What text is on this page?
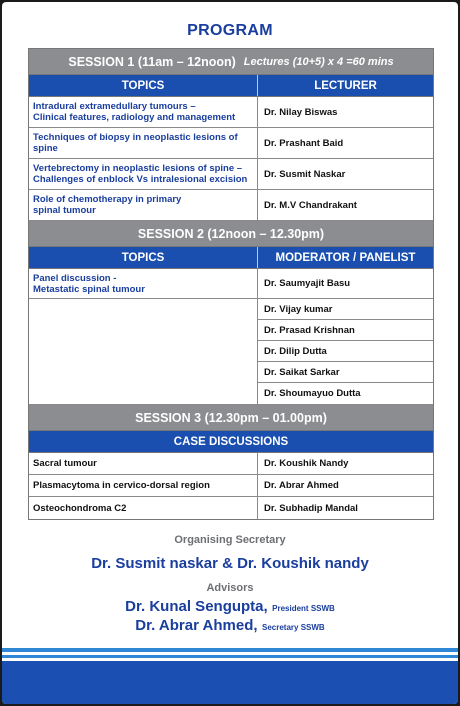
PROGRAM
SESSION 1 (11am – 12noon) Lectures (10+5) x 4 =60 mins
TOPICS	LECTURER
Intradural extramedullary tumours –
Clinical features, radiology and management	Dr. Nilay Biswas
Techniques of biopsy in neoplastic lesions of
spine	Dr. Prashant Baid
Vertebrectomy in neoplastic lesions of spine –
Challenges of enblock Vs intralesional excision	Dr. Susmit Naskar
Role of chemotherapy in primary
spinal tumour	Dr. M.V Chandrakant
SESSION 2 (12noon – 12.30pm)
TOPICS	MODERATOR / PANELIST
Panel discussion -
Metastatic spinal tumour	Dr. Saumyajit Basu
Dr. Vijay kumar
Dr. Prasad Krishnan
Dr. Dilip Dutta
Dr. Saikat Sarkar
Dr. Shoumayuo Dutta
SESSION 3 (12.30pm – 01.00pm)
CASE DISCUSSIONS
Sacral tumour	Dr. Koushik Nandy
Plasmacytoma in cervico-dorsal region	Dr. Abrar Ahmed
Osteochondroma C2	Dr. Subhadip Mandal
Organising Secretary
Dr. Susmit naskar & Dr. Koushik nandy
Advisors
Dr. Kunal Sengupta, President SSWB
Dr. Abrar Ahmed, Secretary SSWB
